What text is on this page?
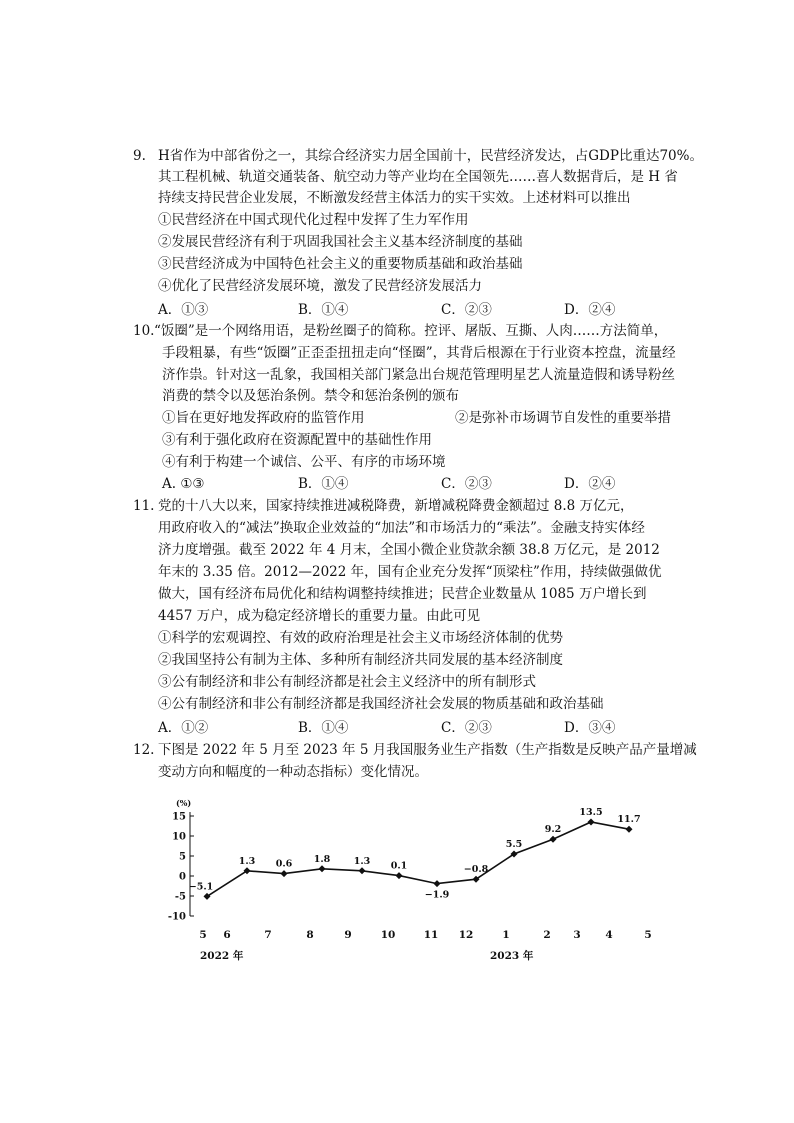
9. H省作为中部省份之一，其综合经济实力居全国前十，民营经济发达，占GDP比重达70%。
其工程机械、轨道交通装备、航空动力等产业均在全国领先……喜人数据背后，是 H 省
持续支持民营企业发展，不断激发经营主体活力的实干实效。上述材料可以推出
①民营经济在中国式现代化过程中发挥了生力军作用
②发展民营经济有利于巩固我国社会主义基本经济制度的基础
③民营经济成为中国特色社会主义的重要物质基础和政治基础
④优化了民营经济发展环境，激发了民营经济发展活力
A．①③	B．①④	C．②③	D．②④
10. “饭圈”是一个网络用语，是粉丝圈子的简称。控评、屠版、互撕、人肉……方法简单，
手段粗暴，有些“饭圈”正歪歪扭扭走向“怪圈”，其背后根源在于行业资本控盘，流量经
济作祟。针对这一乱象，我国相关部门紧急出台规范管理明星艺人流量造假和诱导粉丝
消费的禁令以及惩治条例。禁令和惩治条例的颁布
①旨在更好地发挥政府的监管作用	②是弥补市场调节自发性的重要举措
③有利于强化政府在资源配置中的基础性作用
④有利于构建一个诚信、公平、有序的市场环境
A. ①③	B．①④	C．②③	D．②④
11. 党的十八大以来，国家持续推进减税降费，新增减税降费金额超过 8.8 万亿元，
用政府收入的“减法”换取企业效益的“加法”和市场活力的“乘法”。金融支持实体经
济力度增强。截至 2022 年 4 月末，全国小微企业贷款余额 38.8 万亿元，是 2012
年末的 3.35 倍。2012—2022 年，国有企业充分发挥“顶梁柱”作用，持续做强做优
做大，国有经济布局优化和结构调整持续推进；民营企业数量从 1085 万户增长到
4457 万户，成为稳定经济增长的重要力量。由此可见
①科学的宏观调控、有效的政府治理是社会主义市场经济体制的优势
②我国坚持公有制为主体、多种所有制经济共同发展的基本经济制度
③公有制经济和非公有制经济都是社会主义经济中的所有制形式
④公有制经济和非公有制经济都是我国经济社会发展的物质基础和政治基础
A．①②	B．①④	C．②③	D．③④
12. 下图是 2022 年 5 月至 2023 年 5 月我国服务业生产指数（生产指数是反映产品产量增减
变动方向和幅度的一种动态指标）变化情况。
(%)
15
10
5
0
-5
-10
5 6	7	8	9	10	11 12	1	2 3 4	5
2022 年	2023 年
−5.1
1.3 0.6 1.8 1.3 0.1
−1.9
−0.8
5.5
9.2
13.5
11.7
